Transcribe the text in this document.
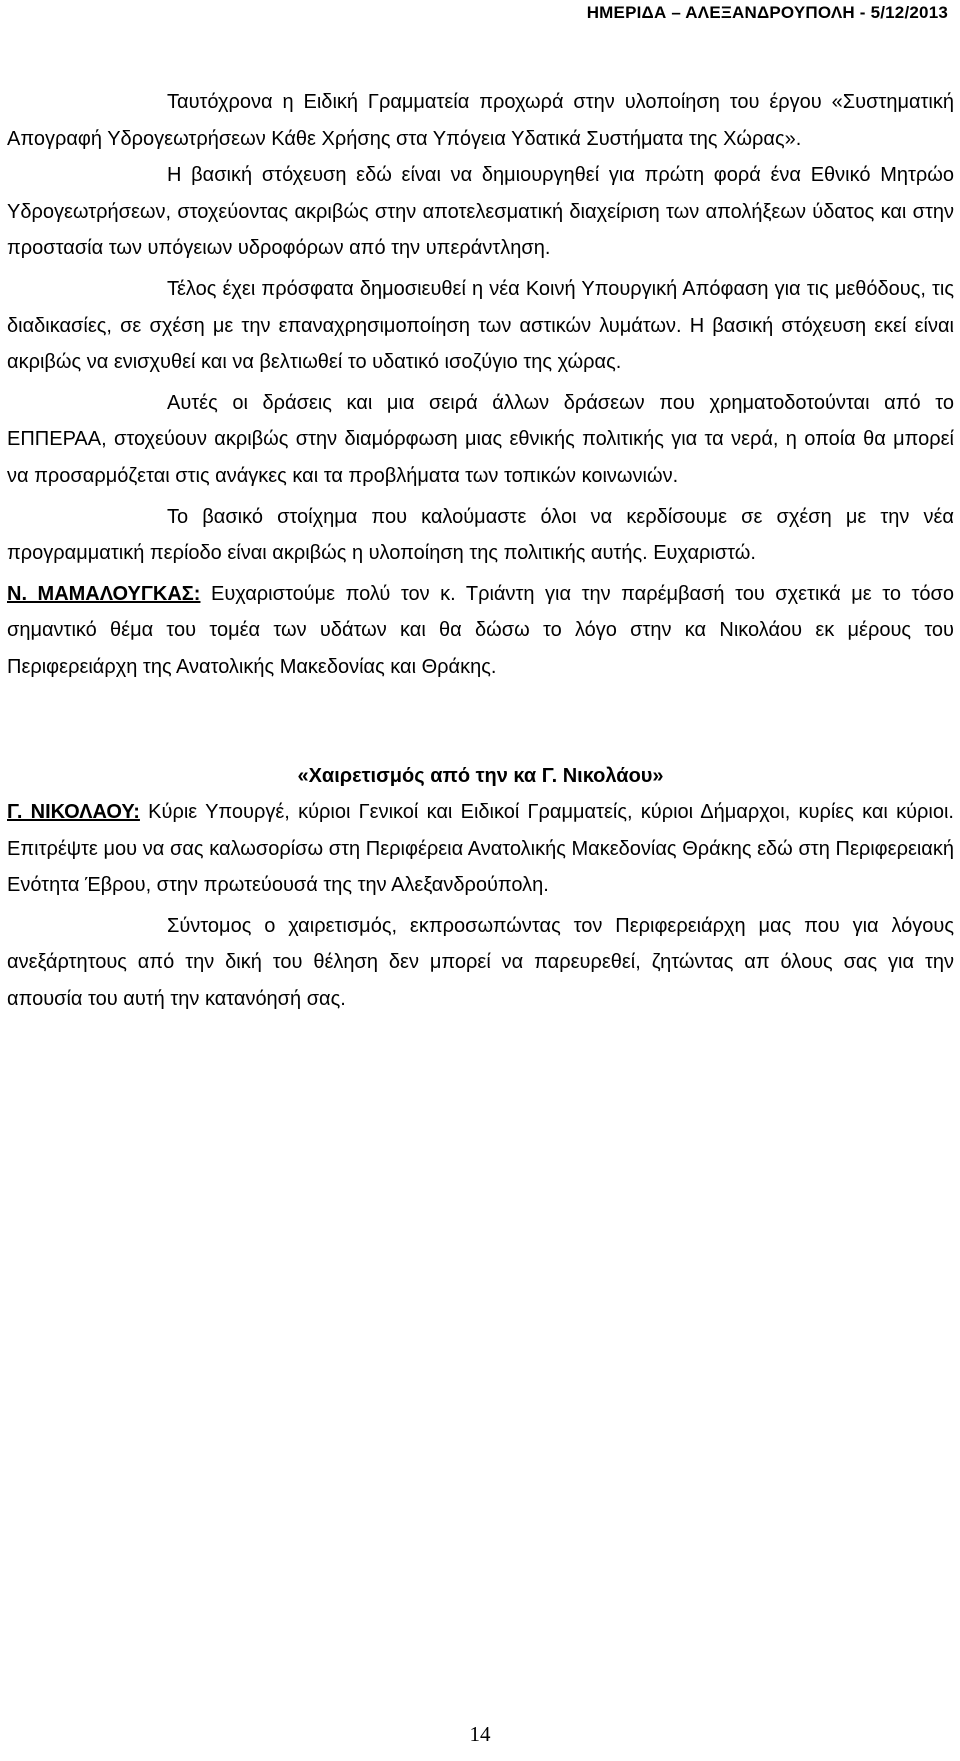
ΗΜΕΡΙΔΑ – ΑΛΕΞΑΝΔΡΟΥΠΟΛΗ - 5/12/2013

Ταυτόχρονα η Ειδική Γραμματεία προχωρά στην υλοποίηση του έργου «Συστηματική Απογραφή Υδρογεωτρήσεων Κάθε Χρήσης στα Υπόγεια Υδατικά Συστήματα της Χώρας».

Η βασική στόχευση εδώ είναι να δημιουργηθεί για πρώτη φορά ένα Εθνικό Μητρώο Υδρογεωτρήσεων, στοχεύοντας ακριβώς στην αποτελεσματική διαχείριση των απολήξεων ύδατος και στην προστασία των υπόγειων υδροφόρων από την υπεράντληση.

Τέλος έχει πρόσφατα δημοσιευθεί η νέα Κοινή Υπουργική Απόφαση για τις μεθόδους, τις διαδικασίες, σε σχέση με την επαναχρησιμοποίηση των αστικών λυμάτων. Η βασική στόχευση εκεί είναι ακριβώς να ενισχυθεί και να βελτιωθεί το υδατικό ισοζύγιο της χώρας.

Αυτές οι δράσεις και μια σειρά άλλων δράσεων που χρηματοδοτούνται από το ΕΠΠΕΡΑΑ, στοχεύουν ακριβώς στην διαμόρφωση μιας εθνικής πολιτικής για τα νερά, η οποία θα μπορεί να προσαρμόζεται στις ανάγκες και τα προβλήματα των τοπικών κοινωνιών.

Το βασικό στοίχημα που καλούμαστε όλοι να κερδίσουμε σε σχέση με την νέα προγραμματική περίοδο είναι ακριβώς η υλοποίηση της πολιτικής αυτής. Ευχαριστώ.

Ν. ΜΑΜΑΛΟΥΓΚΑΣ: Ευχαριστούμε πολύ τον κ. Τριάντη για την παρέμβασή του σχετικά με το τόσο σημαντικό θέμα του τομέα των υδάτων και θα δώσω το λόγο στην κα Νικολάου εκ μέρους του Περιφερειάρχη της Ανατολικής Μακεδονίας και Θράκης.

«Χαιρετισμός από την κα Γ. Νικολάου»

Γ. ΝΙΚΟΛΑΟΥ: Κύριε Υπουργέ, κύριοι Γενικοί και Ειδικοί Γραμματείς, κύριοι Δήμαρχοι, κυρίες και κύριοι. Επιτρέψτε μου να σας καλωσορίσω στη Περιφέρεια Ανατολικής Μακεδονίας Θράκης εδώ στη Περιφερειακή Ενότητα Έβρου, στην πρωτεύουσά της την Αλεξανδρούπολη.

Σύντομος ο χαιρετισμός, εκπροσωπώντας τον Περιφερειάρχη μας που για λόγους ανεξάρτητους από την δική του θέληση δεν μπορεί να παρευρεθεί, ζητώντας απ όλους σας για την απουσία του αυτή την κατανόησή σας.

14
